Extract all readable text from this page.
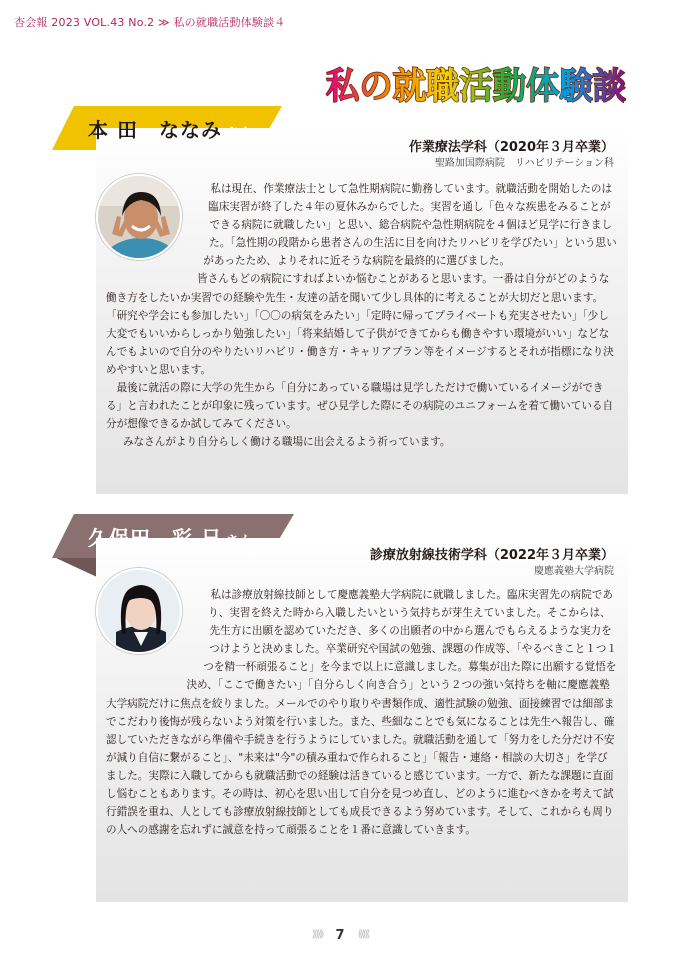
杏会報 2023 VOL.43 No.2 ≫ 私の就職活動体験談４
私の就職活動体験談
本 田　ななみ さん
作業療法学科（2020年３月卒業）
聖路加国際病院　リハビリテーション科

私は現在、作業療法士として急性期病院に勤務しています。就職活動を開始したのは臨床実習が終了した４年の夏休みからでした。実習を通し「色々な疾患をみることができる病院に就職したい」と思い、総合病院や急性期病院を４個ほど見学に行きました。「急性期の段階から患者さんの生活に目を向けたリハビリを学びたい」という思いがあったため、よりそれに近そうな病院を最終的に選びました。

皆さんもどの病院にすればよいか悩むことがあると思います。一番は自分がどのような働き方をしたいか実習での経験や先生・友達の話を聞いて少し具体的に考えることが大切だと思います。「研究や学会にも参加したい」「〇〇の病気をみたい」「定時に帰ってプライベートも充実させたい」「少し大変でもいいからしっかり勉強したい」「将来結婚して子供ができてからも働きやすい環境がいい」などなんでもよいので自分のやりたいリハビリ・働き方・キャリアプラン等をイメージするとそれが指標になり決めやすいと思います。

最後に就活の際に大学の先生から「自分にあっている職場は見学しただけで働いているイメージができる」と言われたことが印象に残っています。ぜひ見学した際にその病院のユニフォームを着て働いている自分が想像できるか試してみてください。

みなさんがより自分らしく働ける職場に出会えるよう祈っています。

久保田　彩 日 さん
診療放射線技術学科（2022年３月卒業）
慶應義塾大学病院

私は診療放射線技師として慶應義塾大学病院に就職しました。臨床実習先の病院であり、実習を終えた時から入職したいという気持ちが芽生えていました。そこからは、先生方に出願を認めていただき、多くの出願者の中から選んでもらえるような実力をつけようと決めました。卒業研究や国試の勉強、課題の作成等、「やるべきこと１つ１つを精一杯頑張ること」を今まで以上に意識しました。募集が出た際に出願する覚悟を決め、「ここで働きたい」「自分らしく向き合う」という２つの強い気持ちを軸に慶應義塾大学病院だけに焦点を絞りました。メールでのやり取りや書類作成、適性試験の勉強、面接練習では細部までこだわり後悔が残らないよう対策を行いました。また、些細なことでも気になることは先生へ報告し、確認していただきながら準備や手続きを行うようにしていました。就職活動を通して「努力をした分だけ不安が減り自信に繋がること」、"未来は"今"の積み重ねで作られること」「報告・連絡・相談の大切さ」を学びました。実際に入職してからも就職活動での経験は活きていると感じています。一方で、新たな課題に直面し悩むこともあります。その時は、初心を思い出して自分を見つめ直し、どのように進むべきかを考えて試行錯誤を重ね、人としても診療放射線技師としても成長できるよう努めています。そして、これからも周りの人への感謝を忘れずに誠意を持って頑張ることを１番に意識していきます。

⟫⟫⟫ 7 ⟪⟪⟪
